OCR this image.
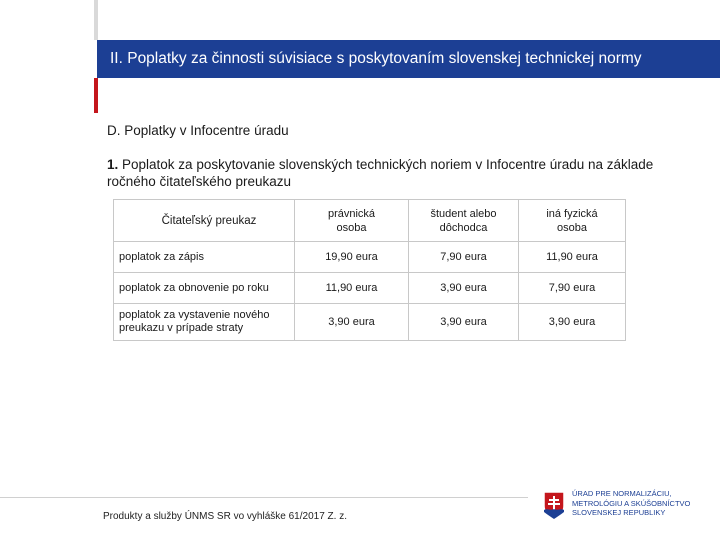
II. Poplatky za činnosti súvisiace s poskytovaním slovenskej technickej normy
D. Poplatky v Infocentre úradu
1. Poplatok za poskytovanie slovenských technických noriem v Infocentre úradu na základe ročného čitateľského preukazu
Čitateľský preukaz	právnická osoba	študent alebo dôchodca	iná fyzická osoba

poplatok za zápis	19,90 eura	7,90 eura	11,90 eura

poplatok za obnovenie po roku	11,90 eura	3,90 eura	7,90 eura

poplatok za vystavenie nového preukazu v prípade straty	3,90 eura	3,90 eura	3,90 eura
Produkty a služby ÚNMS SR vo vyhláške 61/2017 Z. z.
ÚRAD PRE NORMALIZÁCIU,
METROLÓGIU A SKÚŠOBNÍCTVO
SLOVENSKEJ REPUBLIKY
